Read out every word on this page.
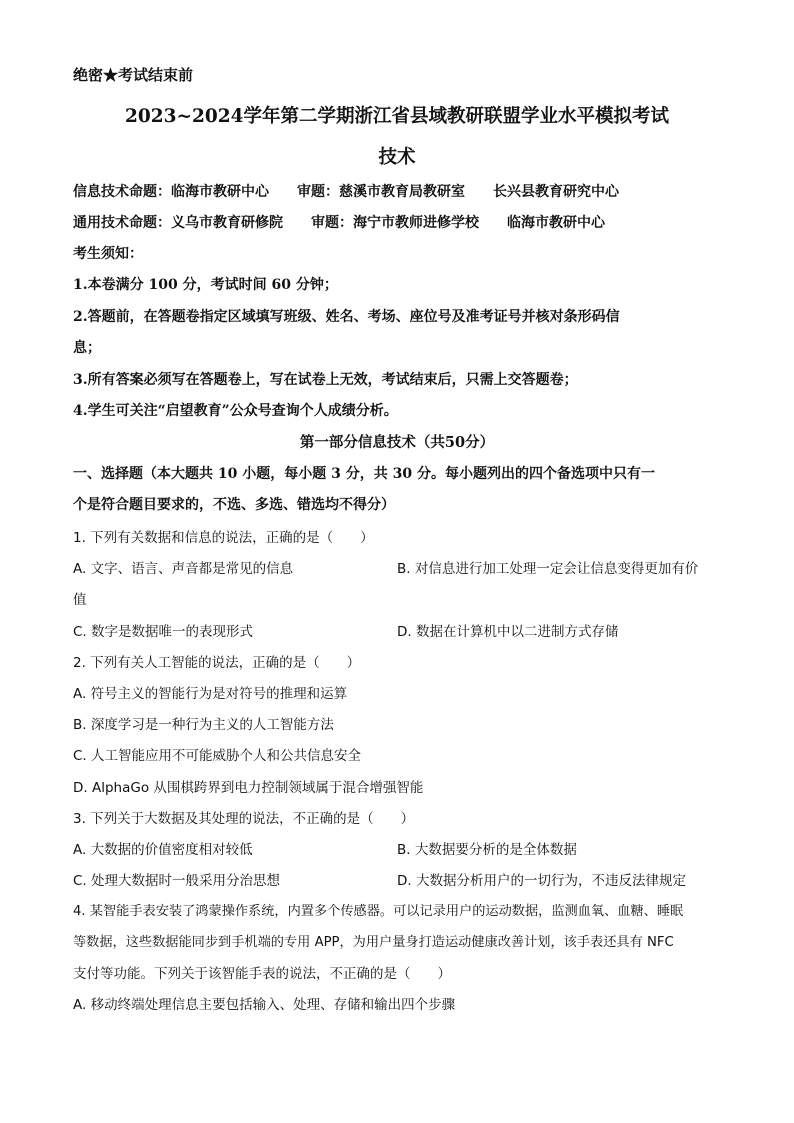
绝密★考试结束前
2023~2024学年第二学期浙江省县域教研联盟学业水平模拟考试
技术
信息技术命题：临海市教研中心　　审题：慈溪市教育局教研室　　长兴县教育研究中心
通用技术命题：义乌市教育研修院　　审题：海宁市教师进修学校　　临海市教研中心
考生须知：
1.本卷满分 100 分，考试时间 60 分钟；
2.答题前，在答题卷指定区域填写班级、姓名、考场、座位号及准考证号并核对条形码信
息；
3.所有答案必须写在答题卷上，写在试卷上无效，考试结束后，只需上交答题卷；
4.学生可关注“启望教育”公众号查询个人成绩分析。
第一部分信息技术（共50分）
一、选择题（本大题共 10 小题，每小题 3 分，共 30 分。每小题列出的四个备选项中只有一
个是符合题目要求的，不选、多选、错选均不得分）
1. 下列有关数据和信息的说法，正确的是（　　）
A. 文字、语言、声音都是常见的信息	B. 对信息进行加工处理一定会让信息变得更加有价
值
C. 数字是数据唯一的表现形式	D. 数据在计算机中以二进制方式存储
2. 下列有关人工智能的说法，正确的是（　　）
A. 符号主义的智能行为是对符号的推理和运算
B. 深度学习是一种行为主义的人工智能方法
C. 人工智能应用不可能威胁个人和公共信息安全
D. AlphaGo 从围棋跨界到电力控制领域属于混合增强智能
3. 下列关于大数据及其处理的说法，不正确的是（　　）
A. 大数据的价值密度相对较低	B. 大数据要分析的是全体数据
C. 处理大数据时一般采用分治思想	D. 大数据分析用户的一切行为，不违反法律规定
4. 某智能手表安装了鸿蒙操作系统，内置多个传感器。可以记录用户的运动数据，监测血氧、血糖、睡眠
等数据，这些数据能同步到手机端的专用 APP，为用户量身打造运动健康改善计划，该手表还具有 NFC
支付等功能。下列关于该智能手表的说法，不正确的是（　　）
A. 移动终端处理信息主要包括输入、处理、存储和输出四个步骤
